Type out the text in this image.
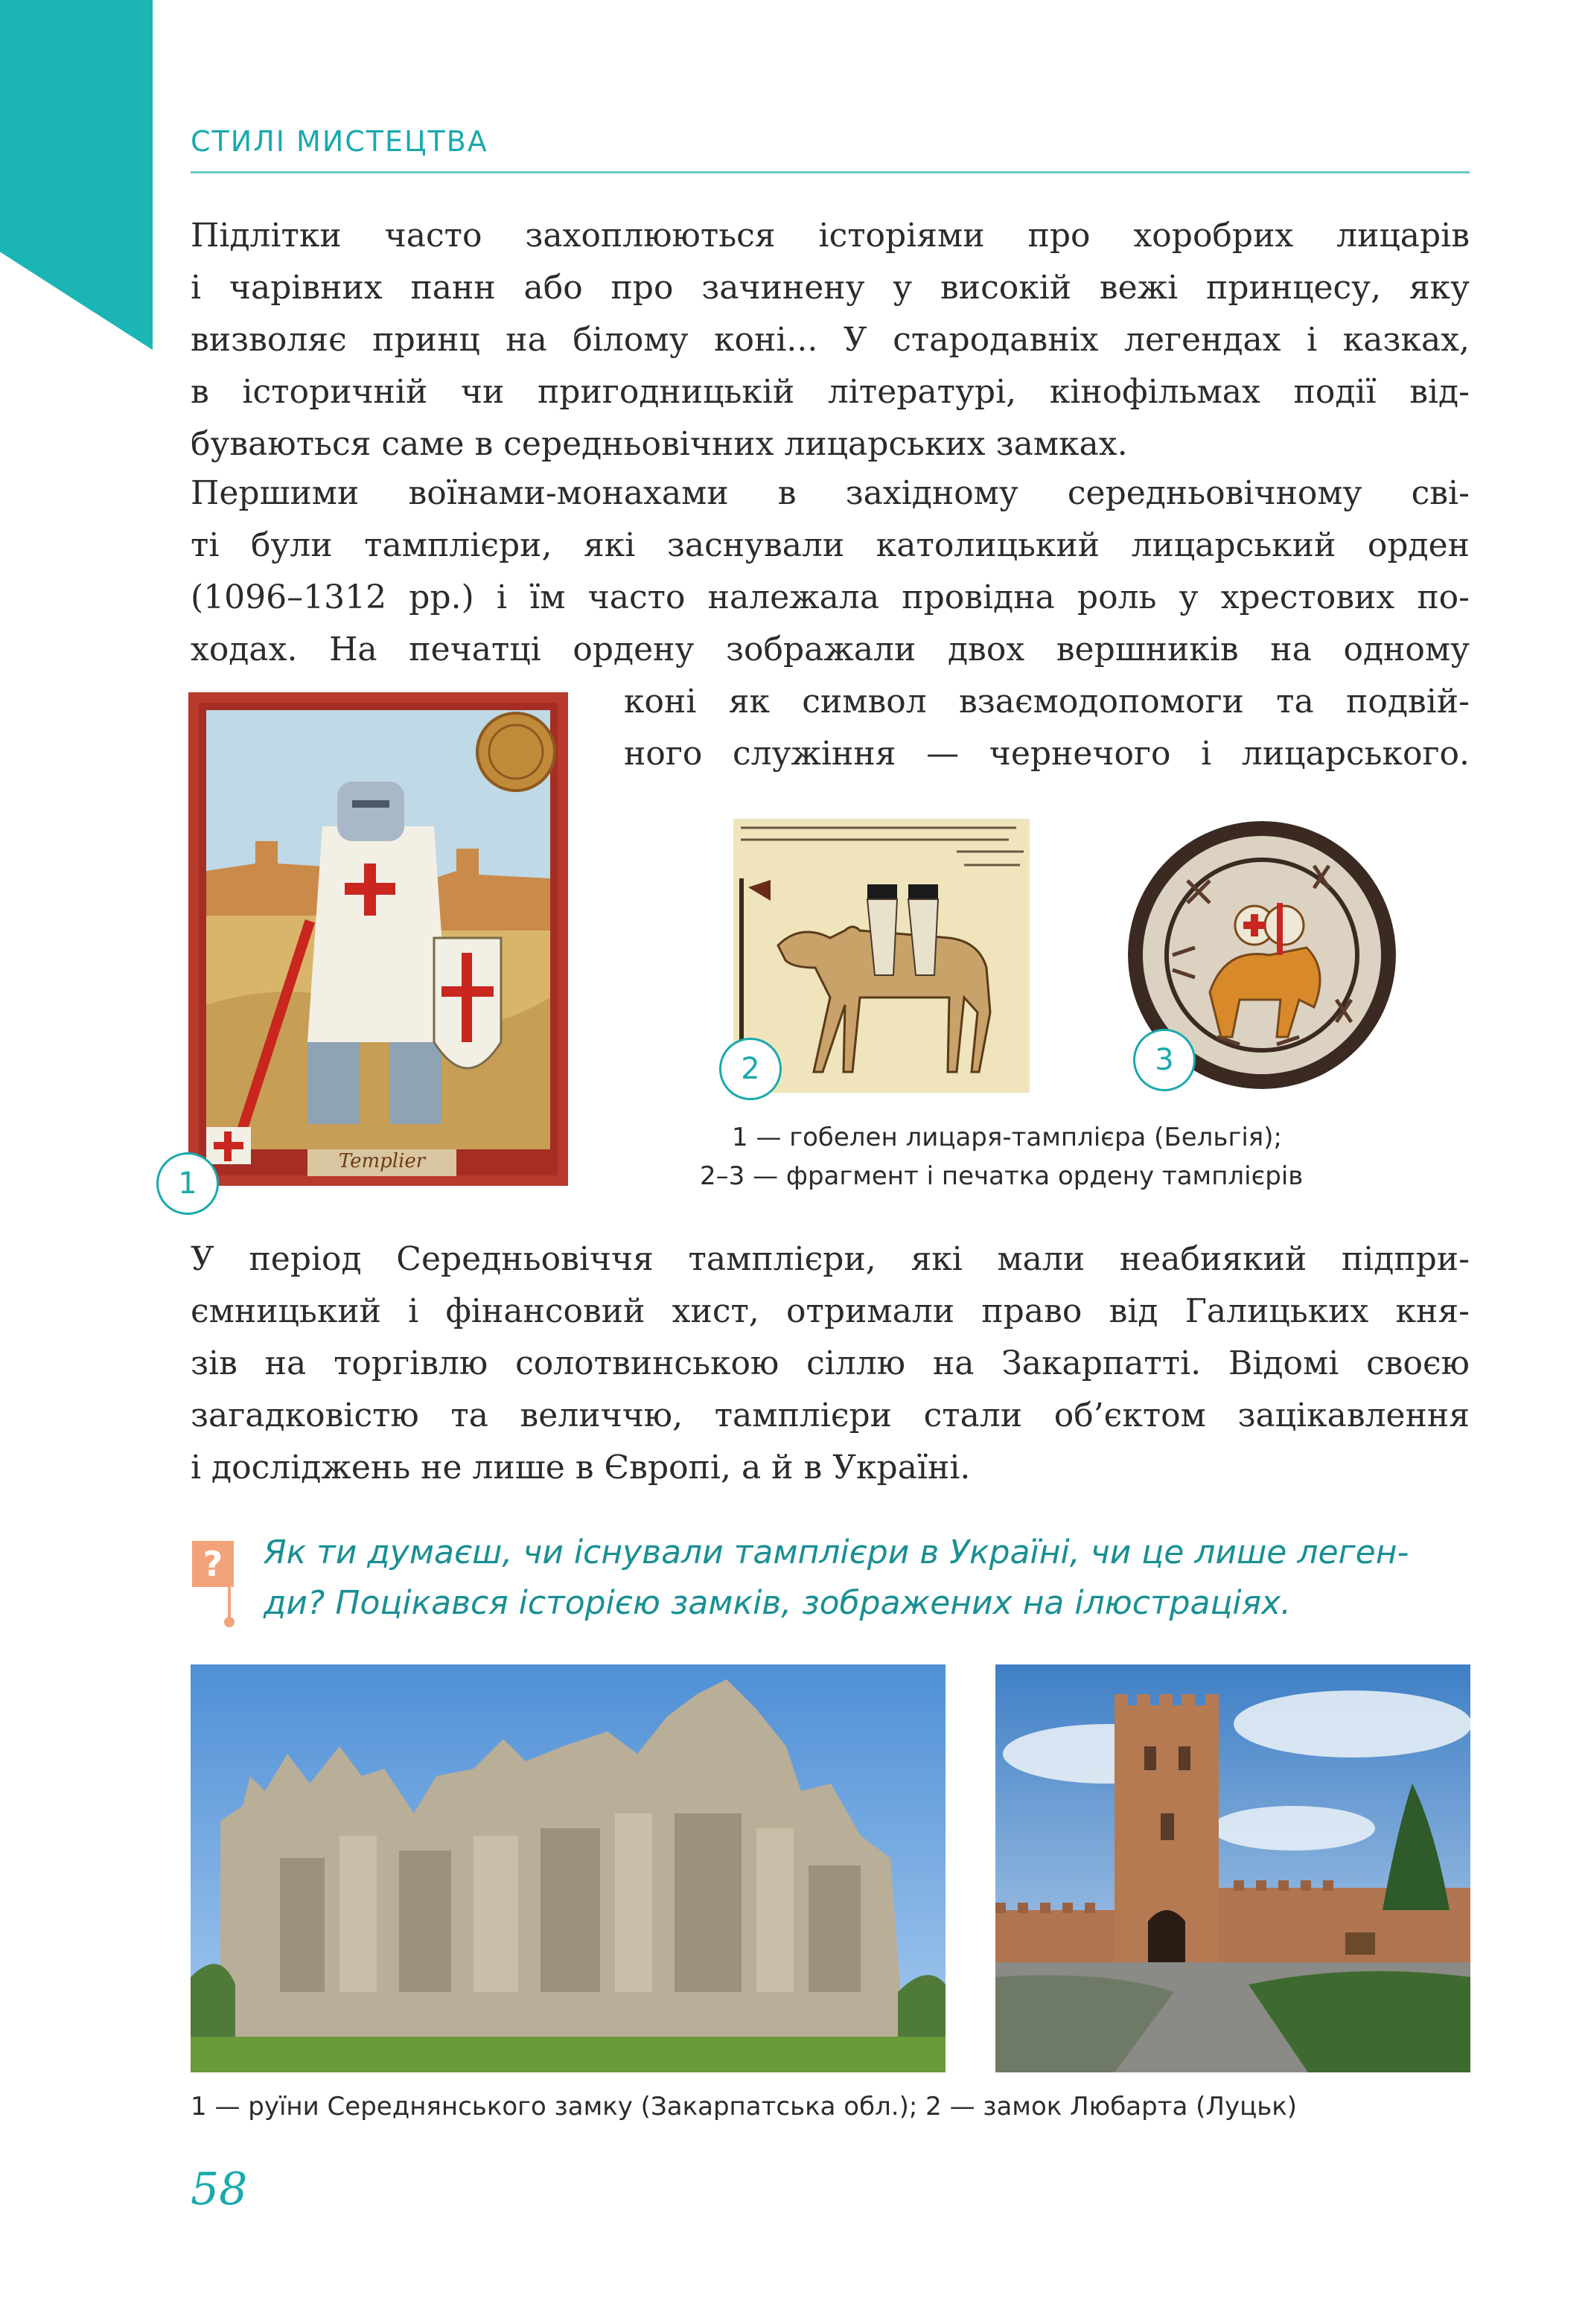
СТИЛІ МИСТЕЦТВА
Підлітки часто захоплюються історіями про хоробрих лицарів
і чарівних панн або про зачинену у високій вежі принцесу, яку
визволяє принц на білому коні... У стародавніх легендах і казках,
в історичній чи пригодницькій літературі, кінофільмах події від-
буваються саме в середньовічних лицарських замках.
Першими воїнами-монахами в західному середньовічному сві-
ті були тамплієри, які заснували католицький лицарський орден
(1096–1312 рр.) і їм часто належала провідна роль у хрестових по-
ходах. На печатці ордену зображали двох вершників на одному
коні як символ взаємодопомоги та подвій-
ного служіння — чернечого і лицарського.
Templier
1
2	3
1 — гобелен лицаря-тамплієра (Бельгія);
2–3 — фрагмент і печатка ордену тамплієрів
У період Середньовіччя тамплієри, які мали неабиякий підпри-
ємницький і фінансовий хист, отримали право від Галицьких кня-
зів на торгівлю солотвинською сіллю на Закарпатті. Відомі своєю
загадковістю та величчю, тамплієри стали об’єктом зацікавлення
і досліджень не лише в Європі, а й в Україні.
?	Як ти думаєш, чи існували тамплієри в Україні, чи це лише леген-
ди? Поцікався історією замків, зображених на ілюстраціях.
1 — руїни Середнянського замку (Закарпатська обл.); 2 — замок Любарта (Луцьк)
58
